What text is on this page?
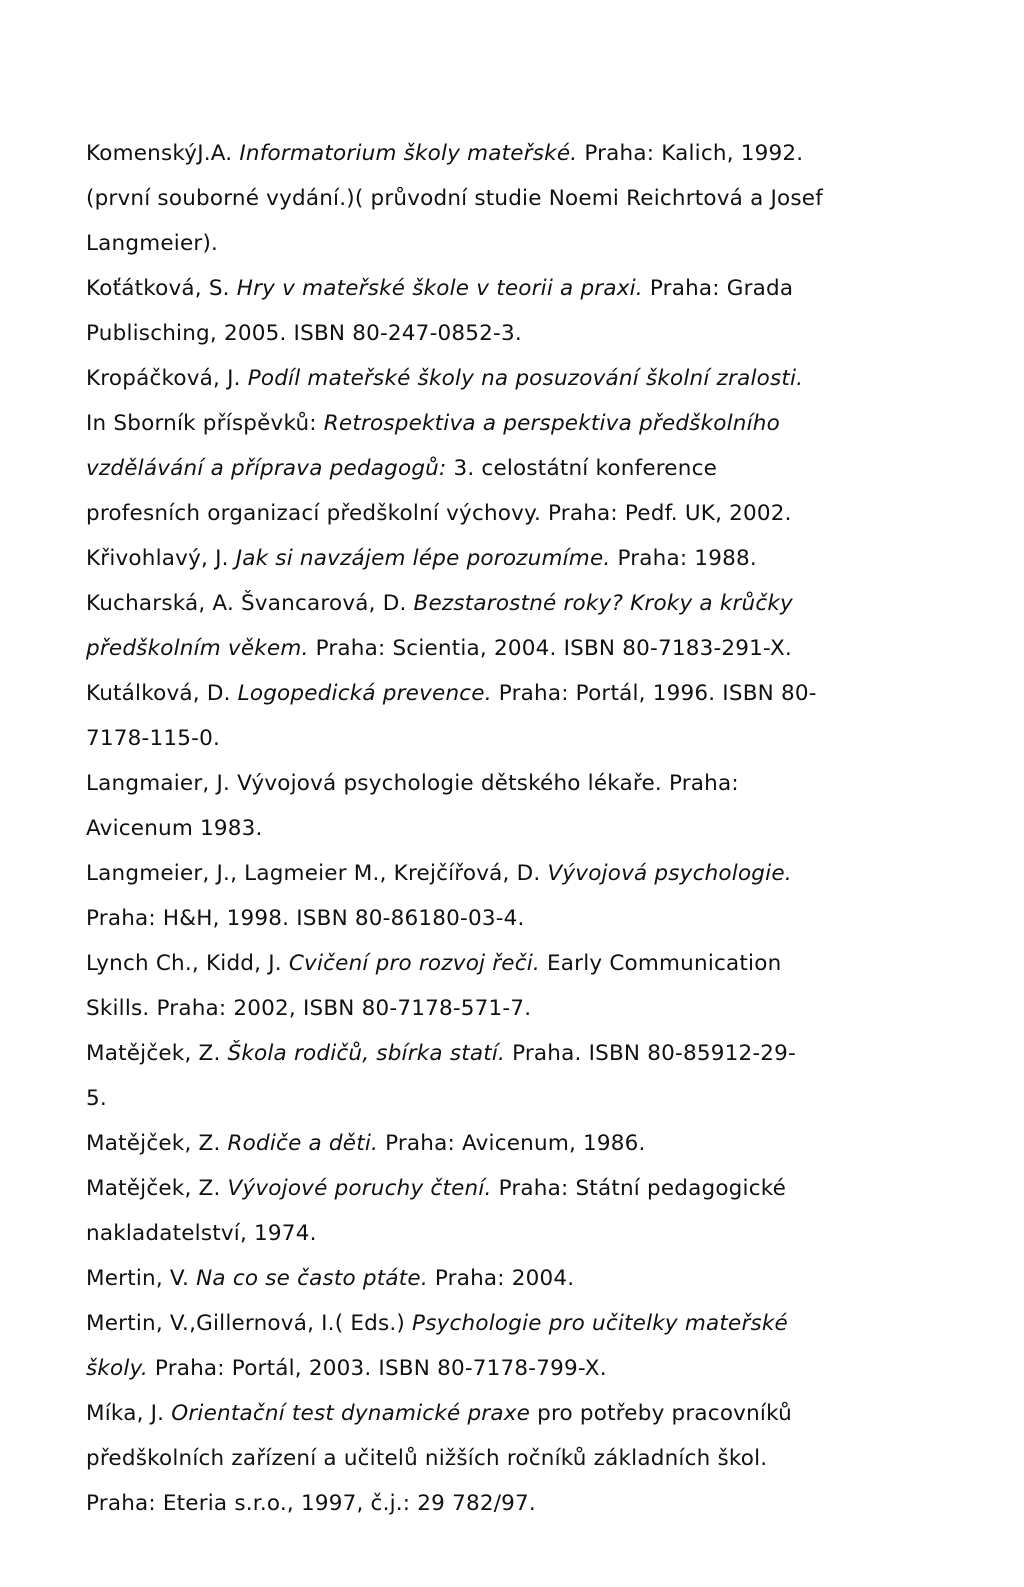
KomenskýJ.A. Informatorium školy mateřské. Praha: Kalich, 1992.
(první souborné vydání.)( průvodní studie Noemi Reichrtová a Josef
Langmeier).
Koťátková, S. Hry v mateřské škole v teorii a praxi. Praha: Grada
Publisching, 2005. ISBN 80-247-0852-3.
Kropáčková, J. Podíl mateřské školy na posuzování školní zralosti.
In Sborník příspěvků: Retrospektiva a perspektiva předškolního
vzdělávání a příprava pedagogů: 3. celostátní konference
profesních organizací předškolní výchovy. Praha: Pedf. UK, 2002.
Křivohlavý, J. Jak si navzájem lépe porozumíme. Praha: 1988.
Kucharská, A. Švancarová, D. Bezstarostné roky? Kroky a krůčky
předškolním věkem. Praha: Scientia, 2004. ISBN 80-7183-291-X.
Kutálková, D. Logopedická prevence. Praha: Portál, 1996. ISBN 80-
7178-115-0.
Langmaier, J. Vývojová psychologie dětského lékaře. Praha:
Avicenum 1983.
Langmeier, J., Lagmeier M., Krejčířová, D. Vývojová psychologie.
Praha: H&H, 1998. ISBN 80-86180-03-4.
Lynch Ch., Kidd, J. Cvičení pro rozvoj řeči. Early Communication
Skills. Praha: 2002, ISBN 80-7178-571-7.
Matějček, Z. Škola rodičů, sbírka statí. Praha. ISBN 80-85912-29-
5.
Matějček, Z. Rodiče a děti. Praha: Avicenum, 1986.
Matějček, Z. Vývojové poruchy čtení. Praha: Státní pedagogické
nakladatelství, 1974.
Mertin, V. Na co se často ptáte. Praha: 2004.
Mertin, V.,Gillernová, I.( Eds.) Psychologie pro učitelky mateřské
školy. Praha: Portál, 2003. ISBN 80-7178-799-X.
Míka, J. Orientační test dynamické praxe pro potřeby pracovníků
předškolních zařízení a učitelů nižších ročníků základních škol.
Praha: Eteria s.r.o., 1997, č.j.: 29 782/97.
